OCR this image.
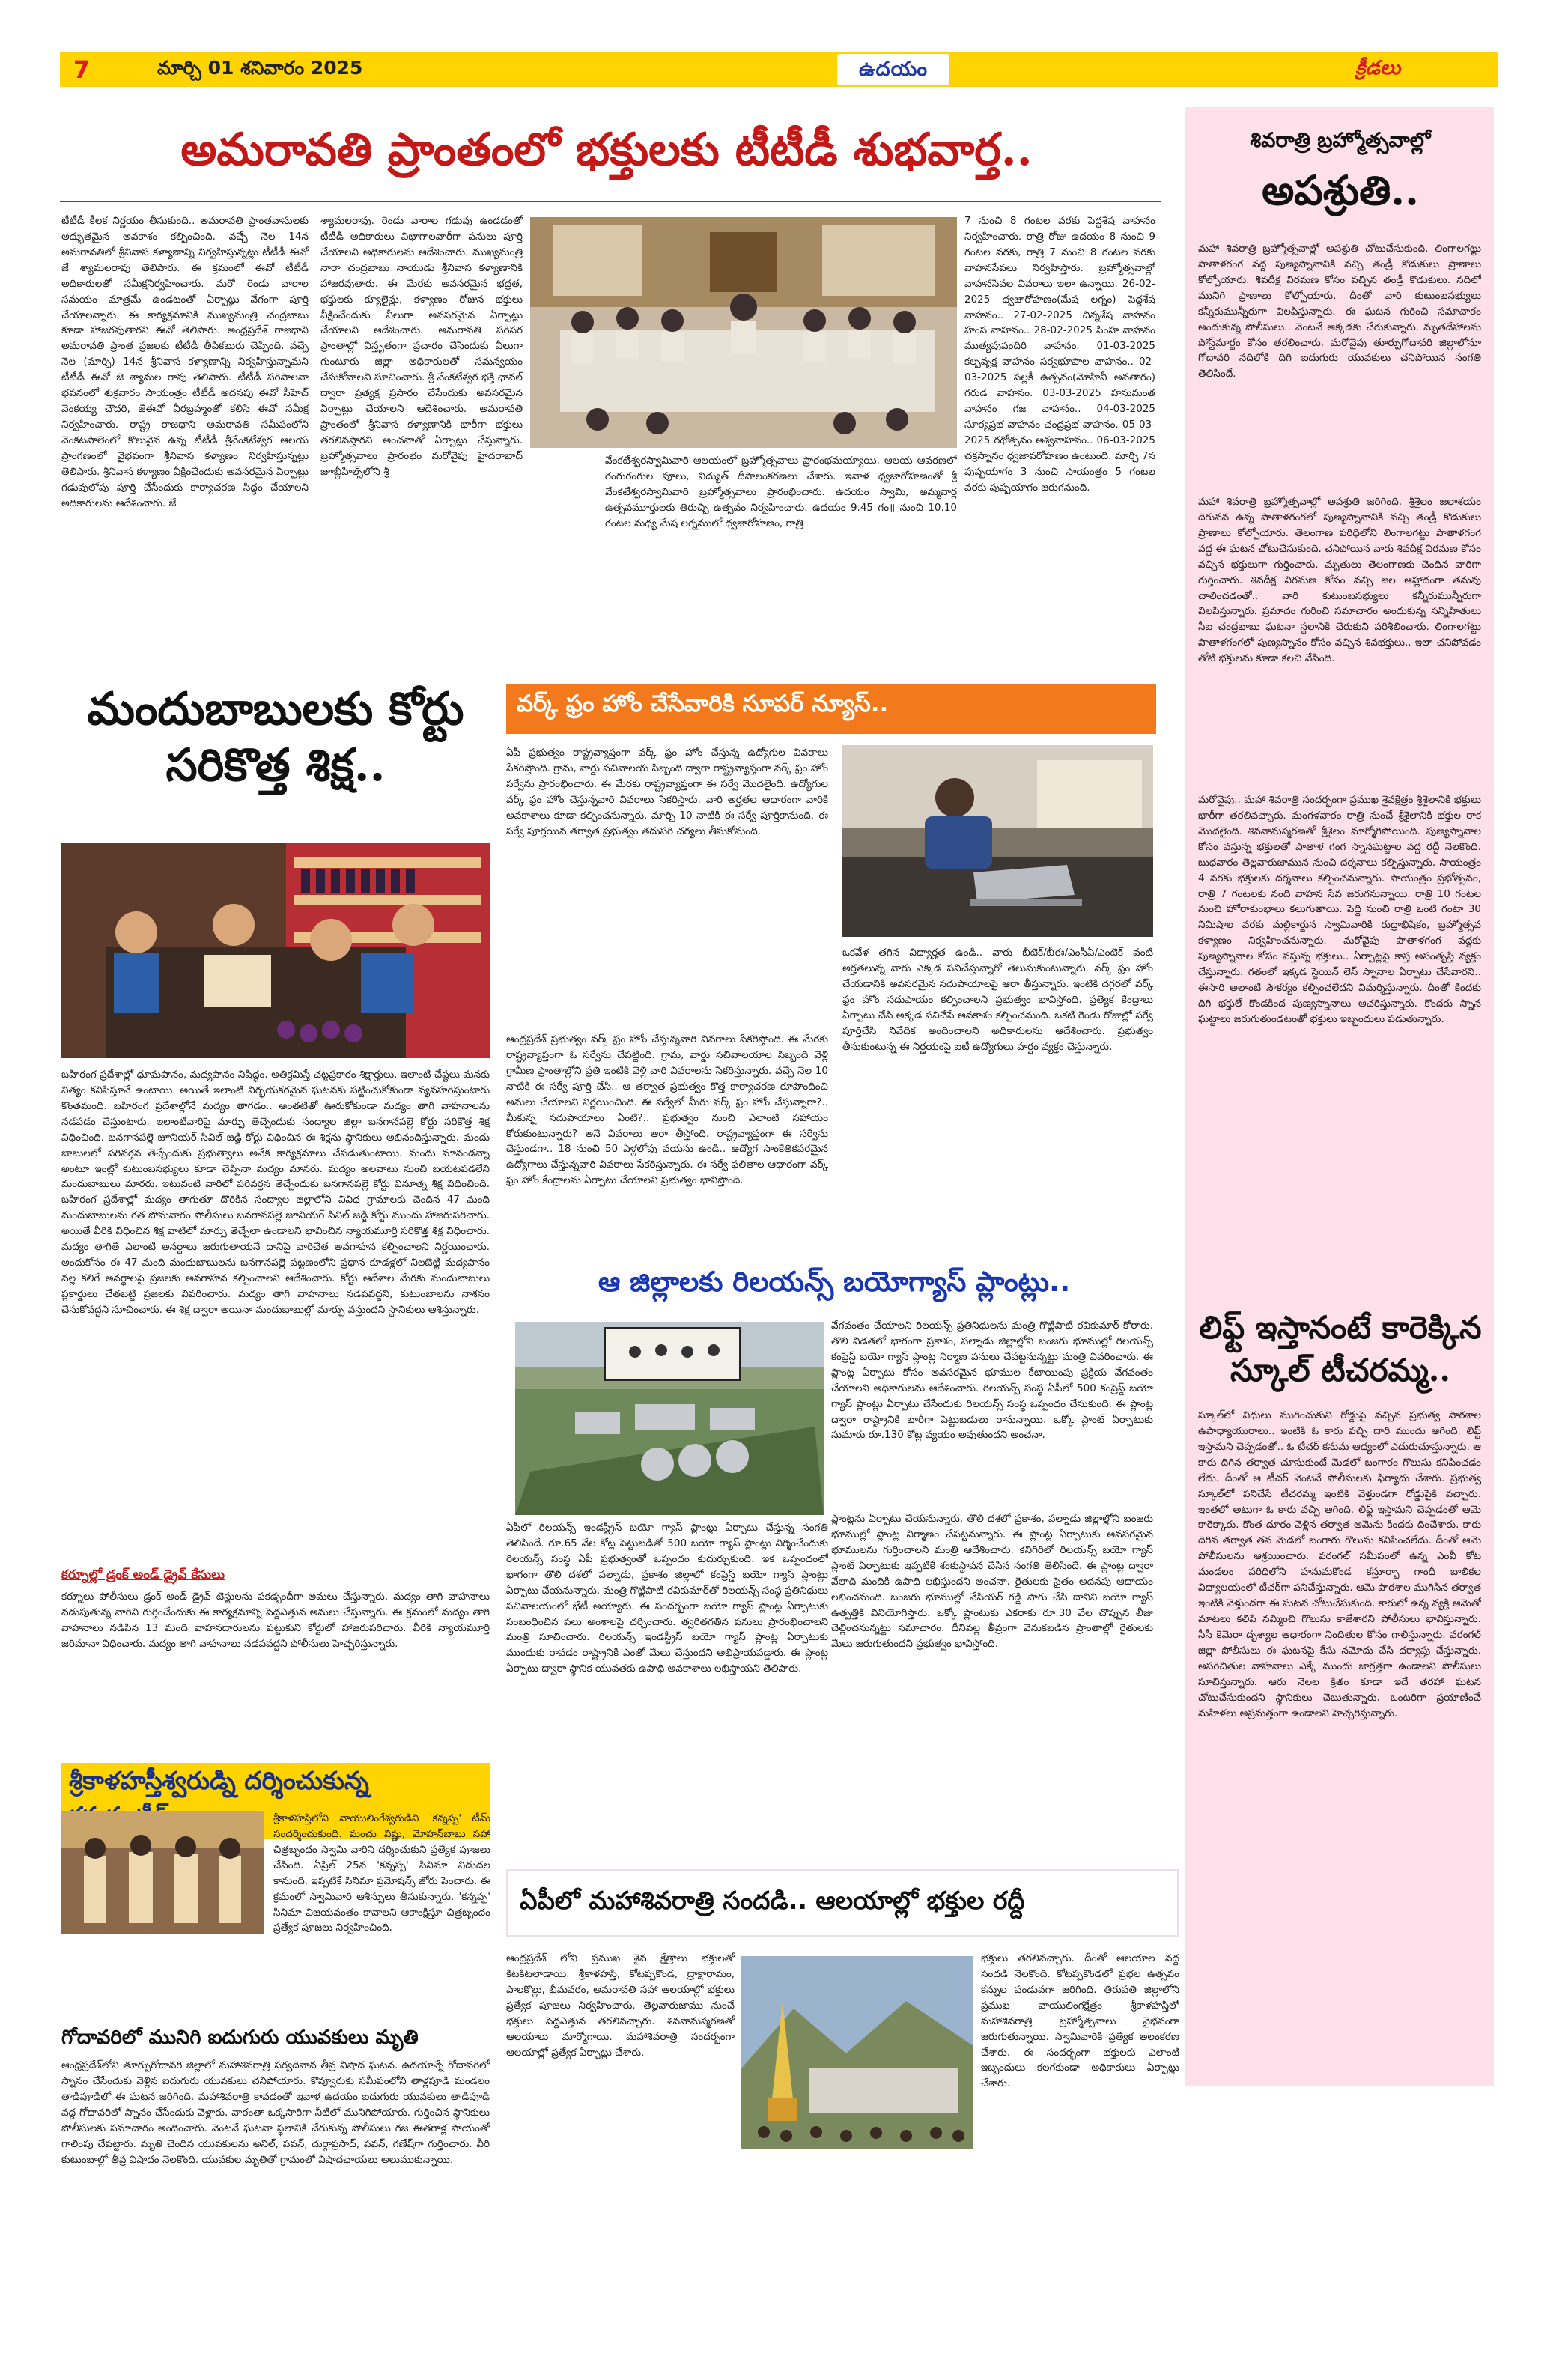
7	మార్చి 01 శనివారం 2025	ఉదయం	క్రీడలు
అమరావతి ప్రాంతంలో భక్తులకు టీటీడీ శుభవార్త..
టీటీడీ కీలక నిర్ణయం తీసుకుంది.. అమరావతి ప్రాంతవాసులకు అద్భుతమైన అవకాశం కల్పించింది. వచ్చే నెల 14న అమరావతిలో శ్రీనివాస కళ్యాణాన్ని నిర్వహిస్తున్నట్లు టీటీడీ ఈవో జే శ్యామలరావు తెలిపారు. ఈ క్రమంలో ఈవో టీటీడీ అధికారులతో సమీక్షనిర్వహించారు. మరో రెండు వారాల సమయం మాత్రమే ఉండటంతో ఏర్పాట్లు వేగంగా పూర్తి చేయాలన్నారు. ఈ కార్యక్రమానికి ముఖ్యమంత్రి చంద్రబాబు కూడా హాజరవుతారని ఈవో తెలిపారు. అంధ్రప్రదేశ్ రాజధాని అమరావతి ప్రాంత ప్రజలకు టీటీడీ తీపికబురు చెప్పింది. వచ్చే నెల (మార్చి) 14న శ్రీనివాస కళ్యాణాన్ని నిర్వహిస్తున్నామని టీటీడీ ఈవో జె శ్యామల రావు తెలిపారు. టీటీడీ పరిపాలనా భవనంలో శుక్రవారం సాయంత్రం టీటీడీ అదనపు ఈవో సీహెచ్ వెంకయ్య చౌదరి, జేఈవో వీరబ్రహ్మంతో కలిసి ఈవో సమీక్ష నిర్వహించారు. రాష్ట్ర రాజధాని అమరావతి సమీపంలోని వెంకటపాలెంలో కొలువైన ఉన్న టీటీడీ శ్రీవేంకటేశ్వర ఆలయ ప్రాంగణంలో వైభవంగా శ్రీనివాస కళ్యాణం నిర్వహిస్తున్నట్లు తెలిపారు. శ్రీనివాస కళ్యాణం వీక్షించేందుకు అవసరమైన ఏర్పాట్లు గడువులోపు పూర్తి చేసేందుకు కార్యాచరణ సిద్ధం చేయాలని అధికారులను ఆదేశించారు. జే
శ్యామలరావు. రెండు వారాల గడువు ఉండడంతో టీటీడీ అధికారులు విభాగాలవారీగా పనులు పూర్తి చేయాలని అధికారులను ఆదేశించారు. ముఖ్యమంత్రి నారా చంద్రబాబు నాయుడు శ్రీనివాస కళ్యాణానికి హాజరవుతారు. ఈ మేరకు అవసరమైన భద్రత, భక్తులకు క్యూలైన్లు, కళ్యాణం రోజున భక్తులు వీక్షించేందుకు వీలుగా అవసరమైన ఏర్పాట్లు చేయాలని ఆదేశించారు. అమరావతి పరిసర ప్రాంతాల్లో విస్తృతంగా ప్రచారం చేసేందుకు వీలుగా గుంటూరు జిల్లా అధికారులతో సమన్వయం చేసుకోవాలని సూచించారు. శ్రీ వేంకటేశ్వర భక్తి ఛానల్ ద్వారా ప్రత్యక్ష ప్రసారం చేసేందుకు అవసరమైన ఏర్పాట్లు చేయాలని ఆదేశించారు. అమరావతి ప్రాంతంలో శ్రీనివాస కళ్యాణానికి భారీగా భక్తులు తరలివస్తారని అంచనాతో ఏర్పాట్లు చేస్తున్నారు. బ్రహ్మోత్సవాలు ప్రారంభం మరోవైపు హైదరాబాద్ జూబ్లీహిల్స్‌లోని శ్రీ
7 నుంచి 8 గంటల వరకు పెద్దశేష వాహనం నిర్వహించారు. రాత్రి రోజు ఉదయం 8 నుంచి 9 గంటల వరకు, రాత్రి 7 నుంచి 8 గంటల వరకు వాహనసేవలు నిర్వహిస్తారు. బ్రహ్మోత్సవాల్లో వాహనసేవల వివరాలు ఇలా ఉన్నాయి. 26-02-2025 ధ్వజారోహణం(మేష లగ్నం) పెద్దశేష వాహనం.. 27-02-2025 చిన్నశేష వాహనం హంస వాహనం.. 28-02-2025 సింహ వాహనం ముత్యపుపందిరి వాహనం. 01-03-2025 కల్పవృక్ష వాహనం సర్వభూపాల వాహనం.. 02-03-2025 పల్లకీ ఉత్సవం(మోహినీ అవతారం) గరుడ వాహనం. 03-03-2025 హనుమంత వాహనం గజ వాహనం.. 04-03-2025 సూర్యప్రభ వాహనం చంద్రప్రభ వాహనం. 05-03-2025 రథోత్సవం అశ్వవాహనం.. 06-03-2025 చక్రస్నానం ధ్వజావరోహణం ఉంటుంది. మార్చి 7న పుష్పయాగం 3 నుంచి సాయంత్రం 5 గంటల వరకు పుష్పయాగం జరుగనుంది.
వేంకటేశ్వరస్వామివారి ఆలయంలో బ్రహ్మోత్సవాలు ప్రారంభమయ్యాయి. ఆలయ ఆవరణలో రంగురంగుల పూలు, విద్యుత్ దీపాలంకరణలు చేశారు. ఇవాళ ధ్వజారోహణంతో శ్రీ వేంకటేశ్వరస్వామివారి బ్రహ్మోత్సవాలు ప్రారంభించారు. ఉదయం స్వామి, అమ్మవార్ల ఉత్సవమూర్తులకు తిరుచ్చి ఉత్సవం నిర్వహించారు. ఉదయం 9.45 గం॥ నుంచి 10.10 గంటల మధ్య మేష లగ్నములో ధ్వజారోహణం, రాత్రి
శివరాత్రి బ్రహ్మోత్సవాల్లో
అపశ్రుతి..
మహా శివరాత్రి బ్రహ్మోత్సవాల్లో అపశ్రుతి చోటుచేసుకుంది. లింగాలగట్టు పాతాళగంగ వద్ద పుణ్యస్నానానికి వచ్చి తండ్రీ కొడుకులు ప్రాణాలు కోల్పోయారు. శివదీక్ష విరమణ కోసం వచ్చిన తండ్రీ కొడుకులు. నదిలో మునిగి ప్రాణాలు కోల్పోయారు. దీంతో వారి కుటుంబసభ్యులు కన్నీరుమున్నీరుగా విలపిస్తున్నారు. ఈ ఘటన గురించి సమాచారం అందుకున్న పోలీసులు.. వెంటనే అక్కడకు చేరుకున్నారు. మృతదేహాలను పోస్ట్‌మార్టం కోసం తరలించారు. మరోవైపు తూర్పుగోదావరి జిల్లాలోనూ గోదావరి నదిలోకి దిగి ఐదుగురు యువకులు చనిపోయిన సంగతి తెలిసిందే.
మహా శివరాత్రి బ్రహ్మోత్సవాల్లో అపశ్రుతి జరిగింది. శ్రీశైలం జలాశయం దిగువన ఉన్న పాతాళగంగలో పుణ్యస్నానానికి వచ్చి తండ్రీ కొడుకులు ప్రాణాలు కోల్పోయారు. తెలంగాణ పరిధిలోని లింగాలగట్టు పాతాళగంగ వద్ద ఈ ఘటన చోటుచేసుకుంది. చనిపోయిన వారు శివదీక్ష విరమణ కోసం వచ్చిన భక్తులుగా గుర్తించారు. మృతులు తెలంగాణకు చెందిన వారిగా గుర్తించారు. శివదీక్ష విరమణ కోసం వచ్చి జల ఆహ్లాదంగా తనువు చాలించడంతో.. వారి కుటుంబసభ్యులు కన్నీరుమున్నీరుగా విలపిస్తున్నారు. ప్రమాదం గురించి సమాచారం అందుకున్న సన్నిహితులు సీఐ చంద్రబాబు ఘటనా స్థలానికి చేరుకుని పరిశీలించారు. లింగాలగట్టు పాతాళగంగలో పుణ్యస్నానం కోసం వచ్చిన శివభక్తులు.. ఇలా చనిపోవడం తోటి భక్తులను కూడా కలచి వేసింది.
మరోవైపు.. మహా శివరాత్రి సందర్భంగా ప్రముఖ శైవక్షేత్రం శ్రీశైలానికి భక్తులు భారీగా తరలివచ్చారు. మంగళవారం రాత్రి నుంచే శ్రీశైలానికి భక్తుల రాక మొదలైంది. శివనామస్మరణతో శ్రీశైలం మార్మోగిపోయింది. పుణ్యస్నానాల కోసం వస్తున్న భక్తులతో పాతాళ గంగ స్నానఘట్టాల వద్ద రద్దీ నెలకొంది. బుధవారం తెల్లవారుజామున నుంచి దర్శనాలు కల్పిస్తున్నారు. సాయంత్రం 4 వరకు భక్తులకు దర్శనాలు కల్పించనున్నారు. సాయంత్రం ప్రభోత్సవం, రాత్రి 7 గంటలకు నంది వాహన సేవ జరుగనున్నాయి. రాత్రి 10 గంటల నుంచి హోరాకుంభాలు కలుగుతాయి. పెద్ది నుంచి రాత్రి ఒంటి గంటా 30 నిమిషాల వరకు మల్లికార్జున స్వామివారికి రుద్రాభిషేకం, బ్రహ్మోత్సవ కళ్యాణం నిర్వహించనున్నారు. మరోవైపు పాతాళగంగ వద్దకు పుణ్యస్నానాల కోసం వస్తున్న భక్తులు.. ఏర్పాట్లపై కాస్త అసంతృప్తి వ్యక్తం చేస్తున్నారు. గతంలో ఇక్కడ స్టెయిన్ లెస్ స్నానాల ఏర్పాటు చేసేవారని.. ఈసారి అలాంటి సౌకర్యం కల్పించలేదని విమర్శిస్తున్నారు. దీంతో కిందకు దిగి భక్తులే కొండకింద పుణ్యస్నానాలు ఆచరిస్తున్నారు. కొందరు స్నాన ఘట్టాలు జరుగుతుండటంతో భక్తులు ఇబ్బందులు పడుతున్నారు.
లిఫ్ట్ ఇస్తానంటే కారెక్కిన స్కూల్ టీచరమ్మ..
స్కూల్‌లో విధులు ముగించుకుని రోడ్డుపై వచ్చిన ప్రభుత్వ పాఠశాల ఉపాధ్యాయురాలు.. ఇంటికి ఓ కారు వచ్చి దారి ముందు ఆగింది. లిఫ్ట్ ఇస్తామని చెప్పడంతో.. ఓ టీచర్ కనుమ ఆధ్యంలో ఎదురుచూస్తున్నారు. ఆ కారు దిగిన తర్వాత చూసుకుంటే మెడలో బంగారం గొలుసు కనిపించడం లేదు. దీంతో ఆ టీచర్ వెంటనే పోలీసులకు ఫిర్యాదు చేశారు. ప్రభుత్వ స్కూల్‌లో పనిచేసే టీచరమ్మ ఇంటికి వెళ్తుండగా రోడ్డుపైకి వచ్చారు. ఇంతలో అటుగా ఓ కారు వచ్చి ఆగింది. లిఫ్ట్ ఇస్తామని చెప్పడంతో ఆమె కారెక్కారు. కొంత దూరం వెళ్లిన తర్వాత ఆమెను కిందకు దించేశారు. కారు దిగిన తర్వాత తన మెడలో బంగారు గొలుసు కనిపించలేదు. దీంతో ఆమె పోలీసులను ఆశ్రయించారు. వరంగల్ సమీపంలో ఉన్న ఎంవీ కోట మండలం పరిధిలోని హనుమకొండ కస్తూర్బా గాంధీ బాలికల విద్యాలయంలో టీచర్‌గా పనిచేస్తున్నారు. ఆమె పాఠశాల ముగిసిన తర్వాత ఇంటికి వెళ్తుండగా ఈ ఘటన చోటుచేసుకుంది. కారులో ఉన్న వ్యక్తి ఆమెతో మాటలు కలిపి నమ్మించి గొలుసు కాజేశారని పోలీసులు భావిస్తున్నారు. సీసీ కెమెరా దృశ్యాల ఆధారంగా నిందితుల కోసం గాలిస్తున్నారు. వరంగల్ జిల్లా పోలీసులు ఈ ఘటనపై కేసు నమోదు చేసి దర్యాప్తు చేస్తున్నారు. అపరిచితుల వాహనాలు ఎక్కే ముందు జాగ్రత్తగా ఉండాలని పోలీసులు సూచిస్తున్నారు. ఆరు నెలల క్రితం కూడా ఇదే తరహా ఘటన చోటుచేసుకుందని స్థానికులు చెబుతున్నారు. ఒంటరిగా ప్రయాణించే మహిళలు అప్రమత్తంగా ఉండాలని హెచ్చరిస్తున్నారు.
మందుబాబులకు కోర్టు సరికొత్త శిక్ష..
బహిరంగ ప్రదేశాల్లో ధూమపానం, మద్యపానం నిషిద్ధం. అతిక్రమిస్తే చట్టప్రకారం శిక్షార్హులు. ఇలాంటి చేష్టలు మనకు నిత్యం కనిపిస్తూనే ఉంటాయి. అయితే ఇలాంటి నిర్భయకరమైన ఘటనకు పట్టించుకోకుండా వ్యవహరిస్తుంటారు కొంతమంది. బహిరంగ ప్రదేశాల్లోనే మద్యం తాగడం.. అంతటితో ఊరుకోకుండా మద్యం తాగి వాహనాలను నడపడం చేస్తుంటారు. ఇలాంటివారిపై మార్పు తెచ్చేందుకు సంద్యాల జిల్లా బనగానపల్లె కోర్టు సరికొత్త శిక్ష విధించింది. బనగానపల్లె జూనియర్ సివిల్ జడ్జి కోర్టు విధించిన ఈ శిక్షను స్థానికులు అభినందిస్తున్నారు. మందు బాబులలో పరివర్తన తెచ్చేందుకు ప్రభుత్వాలు అనేక కార్యక్రమాలు చేపడుతుంటాయి. మందు మానండన్నా అంటూ ఇంట్లో కుటుంబసభ్యులు కూడా చెప్పినా మద్యం మానరు. మద్యం అలవాటు నుంచి బయటపడలేని మందుబాబులు మారరు. ఇటువంటి వారిలో పరివర్తన తెచ్చేందుకు బనగానపల్లె కోర్టు వినూత్న శిక్ష విధించింది. బహిరంగ ప్రదేశాల్లో మద్యం తాగుతూ దొరికిన సంద్యాల జిల్లాలోని వివిధ గ్రామాలకు చెందిన 47 మంది మందుబాబులను గత సోమవారం పోలీసులు బనగానపల్లె జూనియర్ సివిల్ జడ్జి కోర్టు ముందు హాజరుపరిచారు. అయితే వీరికి విధించిన శిక్ష వాటిలో మార్పు తెచ్చేలా ఉండాలని భావించిన న్యాయమూర్తి సరికొత్త శిక్ష విధించారు. మద్యం తాగితే ఎలాంటి అనర్థాలు జరుగుతాయనే దానిపై వారిచేత అవగాహన కల్పించాలని నిర్ణయించారు. అందుకోసం ఈ 47 మంది మందుబాబులను బనగానపల్లె పట్టణంలోని ప్రధాన కూడళ్లలో నిలబెట్టి మద్యపానం వల్ల కలిగే అనర్థాలపై ప్రజలకు అవగాహన కల్పించాలని ఆదేశించారు. కోర్టు ఆదేశాల మేరకు మందుబాబులు ప్లకార్డులు చేతబట్టి ప్రజలకు వివరించారు. మద్యం తాగి వాహనాలు నడపవద్దని, కుటుంబాలను నాశనం చేసుకోవద్దని సూచించారు. ఈ శిక్ష ద్వారా అయినా మందుబాబుల్లో మార్పు వస్తుందని స్థానికులు ఆశిస్తున్నారు.
కర్నూల్లో డ్రంక్ అండ్ డ్రైవ్ కేసులు
కర్నూలు పోలీసులు డ్రంక్ అండ్ డ్రైవ్ టెస్టులను పకడ్బందీగా అమలు చేస్తున్నారు. మద్యం తాగి వాహనాలు నడుపుతున్న వారిని గుర్తించేందుకు ఈ కార్యక్రమాన్ని పెద్దఎత్తున అమలు చేస్తున్నారు. ఈ క్రమంలో మద్యం తాగి వాహనాలు నడిపిన 13 మంది వాహనదారులను పట్టుకుని కోర్టులో హాజరుపరిచారు. వీరికి న్యాయమూర్తి జరిమానా విధించారు. మద్యం తాగి వాహనాలు నడపవద్దని పోలీసులు హెచ్చరిస్తున్నారు.
వర్క్ ఫ్రం హోం చేసేవారికి సూపర్ న్యూస్..
ఏపీ ప్రభుత్వం రాష్ట్రవ్యాప్తంగా వర్క్ ఫ్రం హోం చేస్తున్న ఉద్యోగుల వివరాలు సేకరిస్తోంది. గ్రామ, వార్డు సచివాలయ సిబ్బంది ద్వారా రాష్ట్రవ్యాప్తంగా వర్క్ ఫ్రం హోం సర్వేను ప్రారంభించారు. ఈ మేరకు రాష్ట్రవ్యాప్తంగా ఈ సర్వే మొదలైంది. ఉద్యోగుల వర్క్ ఫ్రం హోం చేస్తున్నవారి వివరాలు సేకరిస్తారు. వారి అర్హతల ఆధారంగా వారికి అవకాశాలు కూడా కల్పించనున్నారు. మార్చి 10 నాటికి ఈ సర్వే పూర్తికానుంది. ఈ సర్వే పూర్తయిన తర్వాత ప్రభుత్వం తదుపరి చర్యలు తీసుకోనుంది.
ఆంధ్రప్రదేశ్ ప్రభుత్వం వర్క్ ఫ్రం హోం చేస్తున్నవారి వివరాలు సేకరిస్తోంది. ఈ మేరకు రాష్ట్రవ్యాప్తంగా ఓ సర్వేను చేపట్టింది. గ్రామ, వార్డు సచివాలయాల సిబ్బంది వెళ్లి గ్రామీణ ప్రాంతాల్లోని ప్రతి ఇంటికి వెళ్లి వారి వివరాలను సేకరిస్తున్నారు. వచ్చే నెల 10 నాటికి ఈ సర్వే పూర్తి చేసి.. ఆ తర్వాత ప్రభుత్వం కొత్త కార్యాచరణ రూపొందించి అమలు చేయాలని నిర్ణయించింది. ఈ సర్వేలో మీరు వర్క్ ఫ్రం హోం చేస్తున్నారా?.. మీకున్న సదుపాయాలు ఏంటి?.. ప్రభుత్వం నుంచి ఎలాంటి సహాయం కోరుకుంటున్నారు? అనే వివరాలు ఆరా తీస్తోంది. రాష్ట్రవ్యాప్తంగా ఈ సర్వేను చేస్తుండగా.. 18 నుంచి 50 ఏళ్లలోపు వయసు ఉండి.. ఉద్యోగ సాంకేతికపరమైన ఉద్యోగాలు చేస్తున్నవారి వివరాలు సేకరిస్తున్నారు. ఈ సర్వే ఫలితాల ఆధారంగా వర్క్ ఫ్రం హోం కేంద్రాలను ఏర్పాటు చేయాలని ప్రభుత్వం భావిస్తోంది.
ఒకవేళ తగిన విద్యార్హత ఉండి.. వారు బీటెక్/బీఈ/ఎంసీఏ/ఎంటెక్ వంటి అర్హతలున్న వారు ఎక్కడ పనిచేస్తున్నారో తెలుసుకుంటున్నారు. వర్క్ ఫ్రం హోం చేయడానికి అవసరమైన సదుపాయాలపై ఆరా తీస్తున్నారు. ఇంటికి దగ్గరలో వర్క్ ఫ్రం హోం సదుపాయం కల్పించాలని ప్రభుత్వం భావిస్తోంది. ప్రత్యేక కేంద్రాలు ఏర్పాటు చేసి అక్కడ పనిచేసే అవకాశం కల్పించనుంది. ఒకటి రెండు రోజుల్లో సర్వే పూర్తిచేసి నివేదిక అందించాలని అధికారులను ఆదేశించారు. ప్రభుత్వం తీసుకుంటున్న ఈ నిర్ణయంపై ఐటీ ఉద్యోగులు హర్షం వ్యక్తం చేస్తున్నారు.
ఆ జిల్లాలకు రిలయన్స్ బయోగ్యాస్ ప్లాంట్లు..
వేగవంతం చేయాలని రిలయన్స్ ప్రతినిధులను మంత్రి గొట్టిపాటి రవికుమార్ కోరారు. తొలి విడతలో భాగంగా ప్రకాశం, పల్నాడు జిల్లాల్లోని బంజరు భూముల్లో రిలయన్స్ కంప్రెస్డ్ బయో గ్యాస్ ప్లాంట్ల నిర్మాణ పనులు చేపట్టనున్నట్టు మంత్రి వివరించారు. ఈ ప్లాంట్ల ఏర్పాటు కోసం అవసరమైన భూముల కేటాయింపు ప్రక్రియ వేగవంతం చేయాలని అధికారులను ఆదేశించారు. రిలయన్స్ సంస్థ ఏపీలో 500 కంప్రెస్డ్ బయో గ్యాస్ ప్లాంట్లు ఏర్పాటు చేసేందుకు రిలయన్స్ సంస్థ ఒప్పందం చేసుకుంది. ఈ ప్లాంట్ల ద్వారా రాష్ట్రానికి భారీగా పెట్టుబడులు రానున్నాయి. ఒక్కో ప్లాంట్ ఏర్పాటుకు సుమారు రూ.130 కోట్ల వ్యయం అవుతుందని అంచనా.
ఏపీలో రిలయన్స్ ఇండస్ట్రీస్ బయో గ్యాస్ ప్లాంట్లు ఏర్పాటు చేస్తున్న సంగతి తెలిసిందే. రూ.65 వేల కోట్ల పెట్టుబడితో 500 బయో గ్యాస్ ప్లాంట్లు నిర్మించేందుకు రిలయన్స్ సంస్థ ఏపీ ప్రభుత్వంతో ఒప్పందం కుదుర్చుకుంది. ఇక ఒప్పందంలో భాగంగా తొలి దశలో పల్నాడు, ప్రకాశం జిల్లాలో కంప్రెస్డ్ బయో గ్యాస్ ప్లాంట్లు ఏర్పాటు చేయనున్నారు. మంత్రి గొట్టిపాటి రవికుమార్‌తో రిలయన్స్ సంస్థ ప్రతినిధులు సచివాలయంలో భేటీ అయ్యారు. ఈ సందర్భంగా బయో గ్యాస్ ప్లాంట్ల ఏర్పాటుకు సంబంధించిన పలు అంశాలపై చర్చించారు. త్వరితగతిన పనులు ప్రారంభించాలని మంత్రి సూచించారు. రిలయన్స్ ఇండస్ట్రీస్ బయో గ్యాస్ ప్లాంట్ల ఏర్పాటుకు ముందుకు రావడం రాష్ట్రానికి ఎంతో మేలు చేస్తుందని అభిప్రాయపడ్డారు. ఈ ప్లాంట్ల ఏర్పాటు ద్వారా స్థానిక యువతకు ఉపాధి అవకాశాలు లభిస్తాయని తెలిపారు.
ప్లాంట్లను ఏర్పాటు చేయనున్నారు. తొలి దశలో ప్రకాశం, పల్నాడు జిల్లాల్లోని బంజరు భూముల్లో ప్లాంట్ల నిర్మాణం చేపట్టనున్నారు. ఈ ప్లాంట్ల ఏర్పాటుకు అవసరమైన భూములను గుర్తించాలని మంత్రి ఆదేశించారు. కనిగిరిలో రిలయన్స్ బయో గ్యాస్ ప్లాంట్ ఏర్పాటుకు ఇప్పటికే శంకుస్థాపన చేసిన సంగతి తెలిసిందే. ఈ ప్లాంట్ల ద్వారా వేలాది మందికి ఉపాధి లభిస్తుందని అంచనా. రైతులకు సైతం అదనపు ఆదాయం లభించనుంది. బంజరు భూముల్లో నేపియర్ గడ్డి సాగు చేసి దానిని బయో గ్యాస్ ఉత్పత్తికి వినియోగిస్తారు. ఒక్కో ప్లాంటుకు ఎకరాకు రూ.30 వేల చొప్పున లీజు చెల్లించనున్నట్టు సమాచారం. దీనివల్ల తీవ్రంగా వెనుకబడిన ప్రాంతాల్లో రైతులకు మేలు జరుగుతుందని ప్రభుత్వం భావిస్తోంది.
శ్రీకాళహస్తీశ్వరుడ్ని దర్శించుకున్న
శ్రీకాళహస్తిలోని వాయులింగేశ్వరుడిని 'కన్నప్ప' టీమ్ సందర్శించుకుంది. మంచు విష్ణు, మోహన్‌బాబు సహా చిత్రబృందం స్వామి వారిని దర్శించుకుని ప్రత్యేక పూజలు చేసింది. ఏప్రిల్ 25న 'కన్నప్ప' సినిమా విడుదల కానుంది. ఇప్పటికే సినిమా ప్రమోషన్స్ జోరు పెంచారు. ఈ క్రమంలో స్వామివారి ఆశీస్సులు తీసుకున్నారు. 'కన్నప్ప' సినిమా విజయవంతం కావాలని ఆకాంక్షిస్తూ చిత్రబృందం ప్రత్యేక పూజలు నిర్వహించింది.
ఆంధ్రప్రదేశ్‌లోని తూర్పుగోదావరి జిల్లాలో మహాశివరాత్రి పర్వదినాన తీవ్ర విషాద ఘటన. ఉదయాన్నే గోదావరిలో స్నానం చేసేందుకు వెళ్లిన ఐదుగురు యువకులు చనిపోయారు. కొవ్వూరుకు సమీపంలోని తాళ్లపూడి మండలం తాడిపూడిలో ఈ ఘటన జరిగింది. మహాశివరాత్రి కావడంతో ఇవాళ ఉదయం ఐదుగురు యువకులు తాడిపూడి వద్ద గోదావరిలో స్నానం చేసేందుకు వెళ్లారు. వారంతా ఒక్కసారిగా నీటిలో మునిగిపోయారు. గుర్తించిన స్థానికులు పోలీసులకు సమాచారం అందించారు. వెంటనే ఘటనా స్థలానికి చేరుకున్న పోలీసులు గజ ఈతగాళ్ల సాయంతో గాలింపు చేపట్టారు. మృతి చెందిన యువకులను అనిల్, పవన్, దుర్గాప్రసాద్, పవన్, గణేష్‌గా గుర్తించారు. వీరి కుటుంబాల్లో తీవ్ర విషాదం నెలకొంది. యువకుల మృతితో గ్రామంలో విషాదఛాయలు అలుముకున్నాయి.
గోదావరిలో మునిగి ఐదుగురు యువకులు మృతి
ఏపీలో మహాశివరాత్రి సందడి.. ఆలయాల్లో భక్తుల రద్దీ
ఆంధ్రప్రదేశ్ లోని ప్రముఖ శైవ క్షేత్రాలు భక్తులతో కిటకిటలాడాయి. శ్రీకాళహస్తి, కోటప్పకొండ, ద్రాక్షారామం, పాలకొల్లు, భీమవరం, అమరావతి సహా ఆలయాల్లో భక్తులు ప్రత్యేక పూజలు నిర్వహించారు. తెల్లవారుజాము నుంచే భక్తులు పెద్దఎత్తున తరలివచ్చారు. శివనామస్మరణతో ఆలయాలు మార్మోగాయి. మహాశివరాత్రి సందర్భంగా ఆలయాల్లో ప్రత్యేక ఏర్పాట్లు చేశారు.
భక్తులు తరలివచ్చారు. దీంతో ఆలయాల వద్ద సందడి నెలకొంది. కోటప్పకొండలో ప్రభల ఉత్సవం కన్నుల పండువగా జరిగింది. తిరుపతి జిల్లాలోని ప్రముఖ వాయులింగక్షేత్రం శ్రీకాళహస్తిలో మహాశివరాత్రి బ్రహ్మోత్సవాలు వైభవంగా జరుగుతున్నాయి. స్వామివారికి ప్రత్యేక అలంకరణ చేశారు. ఈ సందర్భంగా భక్తులకు ఎలాంటి ఇబ్బందులు కలగకుండా అధికారులు ఏర్పాట్లు చేశారు.
